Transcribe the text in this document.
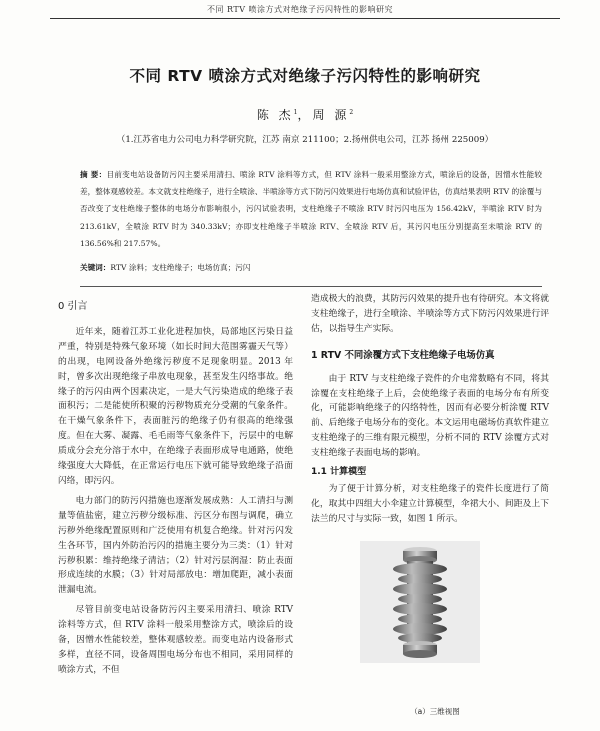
不同 RTV 喷涂方式对绝缘子污闪特性的影响研究
不同 RTV 喷涂方式对绝缘子污闪特性的影响研究
陈 杰$^1$，周 源$^2$
（1.江苏省电力公司电力科学研究院，江苏 南京 211100；2.扬州供电公司，江苏 扬州 225009）
摘 要：目前变电站设备防污闪主要采用清扫、喷涂 RTV 涂料等方式，但 RTV 涂料一般采用整涂方式，喷涂后的设备，因憎水性能较差，整体观感较差。本文就支柱绝缘子，进行全喷涂、半喷涂等方式下防污闪效果进行电场仿真和试验评估，仿真结果表明 RTV 的涂覆与否改变了支柱绝缘子整体的电场分布影响很小，污闪试验表明，支柱绝缘子不喷涂 RTV 时污闪电压为 156.42kV，半喷涂 RTV 时为 213.61kV，全喷涂 RTV 时为 340.33kV；亦即支柱绝缘子半喷涂 RTV、全喷涂 RTV 后，其污闪电压分别提高至未喷涂 RTV 的 136.56%和 217.57%。
关键词：RTV 涂料；支柱绝缘子；电场仿真；污闪
0 引言

近年来，随着江苏工业化进程加快，局部地区污染日益严重，特别是特殊气象环境（如长时间大范围雾霾天气等）的出现，电网设备外绝缘污秽度不足现象明显。2013 年时，曾多次出现绝缘子串放电现象，甚至发生闪络事故。绝缘子的污闪由两个因素决定，一是大气污染造成的绝缘子表面积污；二是能使所积聚的污秽物质充分受潮的气象条件。在干燥气象条件下，表面脏污的绝缘子仍有很高的绝缘强度。但在大雾、凝露、毛毛雨等气象条件下，污层中的电解质成分会充分溶于水中，在绝缘子表面形成导电通路，使绝缘强度大大降低，在正常运行电压下就可能导致绝缘子沿面闪络，即污闪。

电力部门的防污闪措施也逐渐发展成熟：人工清扫与测量等值盐密，建立污秽分级标准、污区分布图与调爬，确立污秽外绝缘配置原则和广泛使用有机复合绝缘。针对污闪发生各环节，国内外防治污闪的措施主要分为三类：（1）针对污秽积累：维持绝缘子清洁；（2）针对污层润湿：防止表面形成连续的水膜；（3）针对局部放电：增加爬距，减小表面泄漏电流。

尽管目前变电站设备防污闪主要采用清扫、喷涂 RTV 涂料等方式，但 RTV 涂料一般采用整涂方式，喷涂后的设备，因憎水性能较差，整体观感较差。而变电站内设备形式多样，直径不同，设备周围电场分布也不相同，采用同样的喷涂方式，不但

造成极大的浪费，其防污闪效果的提升也有待研究。本文将就支柱绝缘子，进行全喷涂、半喷涂等方式下防污闪效果进行评估，以指导生产实际。

1 RTV 不同涂覆方式下支柱绝缘子电场仿真

由于 RTV 与支柱绝缘子瓷件的介电常数略有不同，将其涂覆在支柱绝缘子上后，会使绝缘子表面的电场分布有所变化，可能影响绝缘子的闪络特性，因而有必要分析涂覆 RTV 前、后绝缘子电场分布的变化。本文运用电磁场仿真软件建立支柱绝缘子的三维有限元模型，分析不同的 RTV 涂覆方式对支柱绝缘子表面电场的影响。

1.1 计算模型

为了便于计算分析，对支柱绝缘子的瓷件长度进行了简化，取其中四组大小伞建立计算模型，伞裙大小、间距及上下法兰的尺寸与实际一致，如图 1 所示。

（a）三维视图
